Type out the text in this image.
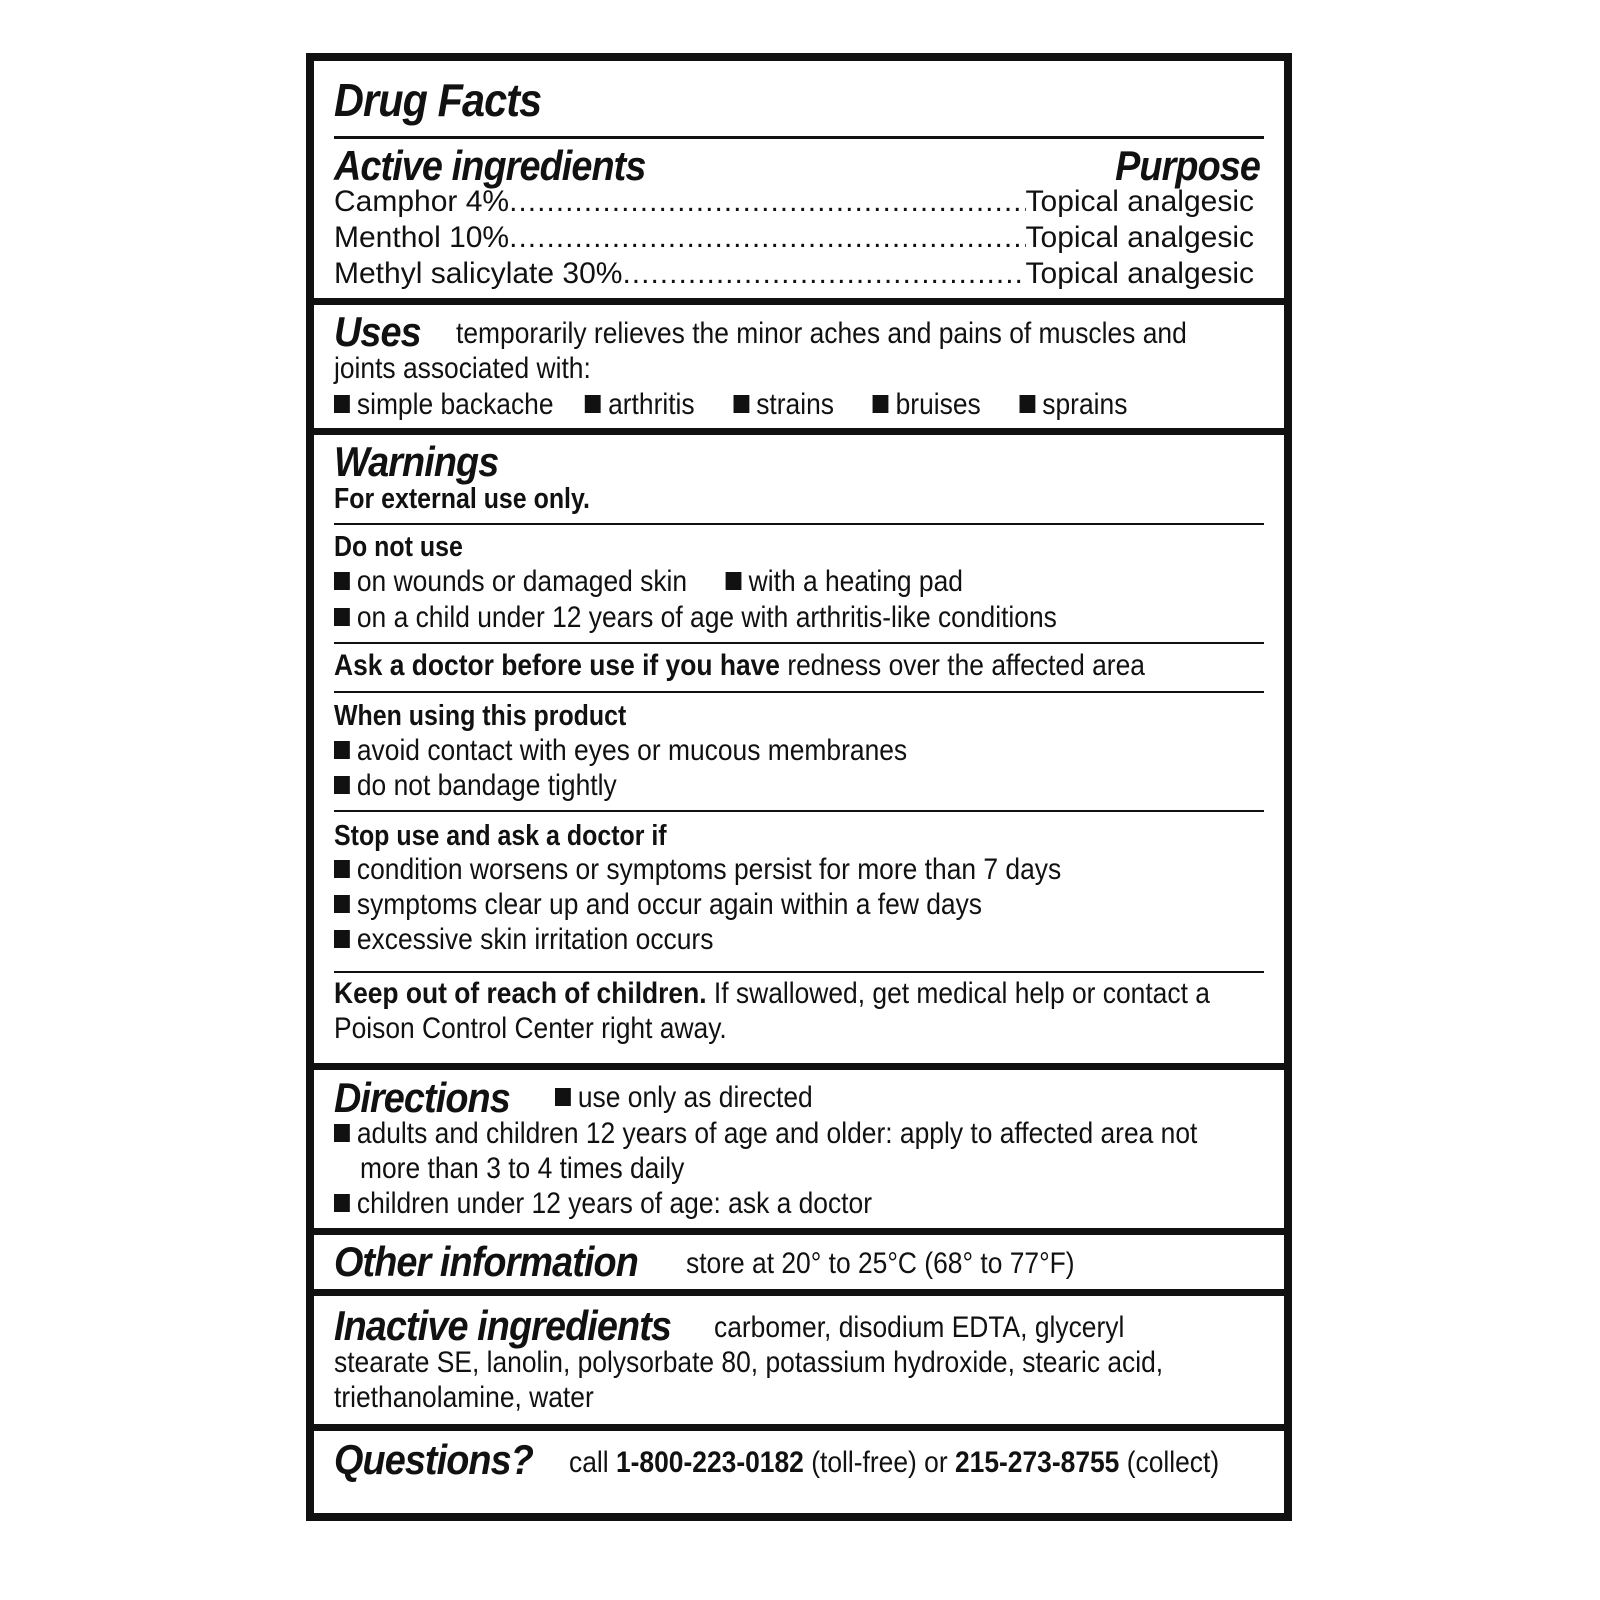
Drug Facts
Active ingredients	Purpose
Camphor 4% .....	Topical analgesic
Menthol 10% .....	Topical analgesic
Methyl salicylate 30% .....	Topical analgesic
Uses	temporarily relieves the minor aches and pains of muscles and
joints associated with:
simple backache arthritis strains bruises sprains
Warnings
For external use only.
Do not use
on wounds or damaged skin with a heating pad
on a child under 12 years of age with arthritis-like conditions
Ask a doctor before use if you have redness over the affected area
When using this product
avoid contact with eyes or mucous membranes
do not bandage tightly
Stop use and ask a doctor if
condition worsens or symptoms persist for more than 7 days
symptoms clear up and occur again within a few days
excessive skin irritation occurs
Keep out of reach of children. If swallowed, get medical help or contact a
Poison Control Center right away.
Directions	use only as directed
adults and children 12 years of age and older: apply to affected area not
more than 3 to 4 times daily
children under 12 years of age: ask a doctor
Other information	store at 20° to 25°C (68° to 77°F)
Inactive ingredients	carbomer, disodium EDTA, glyceryl
stearate SE, lanolin, polysorbate 80, potassium hydroxide, stearic acid,
triethanolamine, water
Questions?	call 1-800-223-0182 (toll-free) or 215-273-8755 (collect)
